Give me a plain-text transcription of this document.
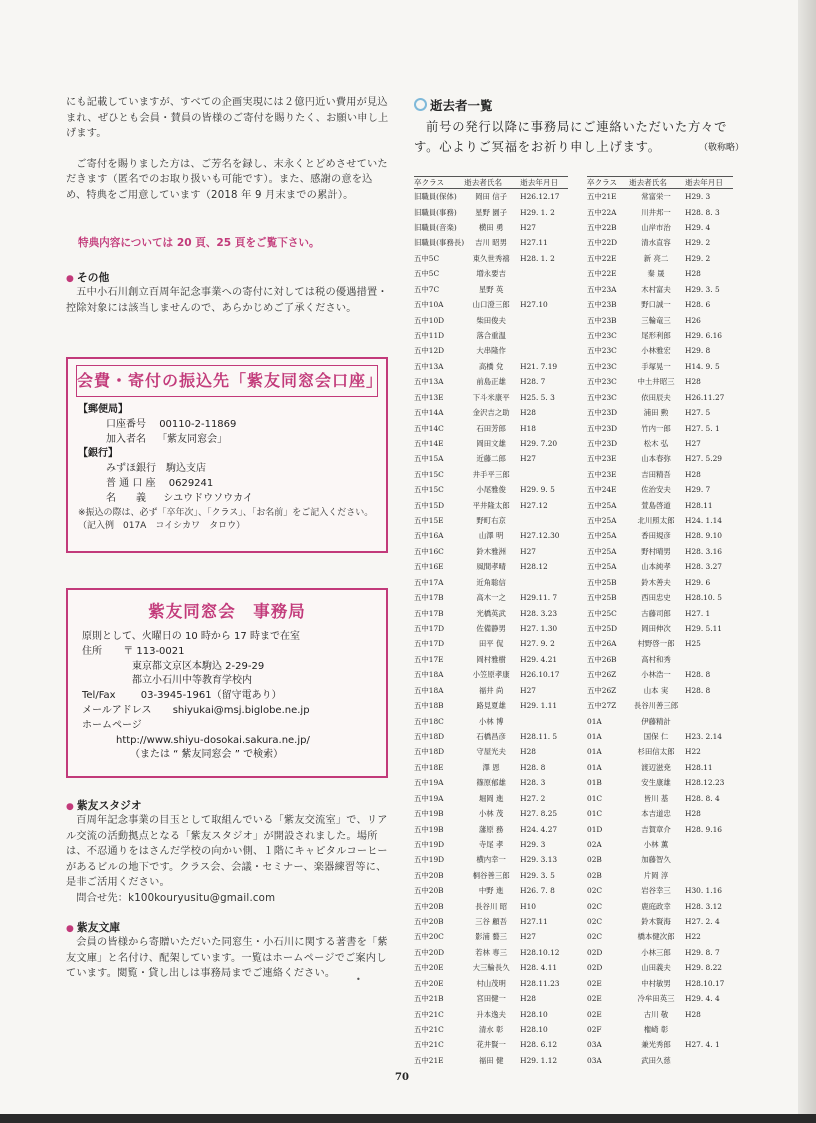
にも記載していますが、すべての企画実現には２億円近い費用が見込まれ、ぜひとも会員・賛員の皆様のご寄付を賜りたく、お願い申し上げます。

ご寄付を賜りました方は、ご芳名を録し、末永くとどめさせていただきます（匿名でのお取り扱いも可能です）。また、感謝の意を込め、特典をご用意しています（2018 年 9 月末までの累計）。

特典内容については 20 頁、25 頁をご覧下さい。
● その他

五中小石川創立百周年記念事業への寄付に対しては税の優遇措置・控除対象には該当しませんので、あらかじめご了承ください。

会費・寄付の振込先「紫友同窓会口座」
【郵便局】
口座番号 00110-2-11869
加入者名 「紫友同窓会」
【銀行】
みずほ銀行　駒込支店
普 通 口 座 0629241
名　　義 シユウドウソウカイ
※振込の際は、必ず「卒年次」、「クラス」、「お名前」をご記入ください。
（記入例　017A　コイシカワ　タロウ）
紫友同窓会　事務局
原則として、火曜日の 10 時から 17 時まで在室
住所 〒 113-0021
東京都文京区本駒込 2-29-29
都立小石川中等教育学校内
Tel/Fax	03-3945-1961（留守電あり）
メールアドレス shiyukai@msj.biglobe.ne.jp
ホームページ
http://www.shiyu-dosokai.sakura.ne.jp/
（または “ 紫友同窓会 ” で検索）
● 紫友スタジオ

百周年記念事業の目玉として取組んでいる「紫友交流室」で、リアル交流の活動拠点となる「紫友スタジオ」が開設されました。場所は、不忍通りをはさんだ学校の向かい側、１階にキャピタルコーヒーがあるビルの地下です。クラス会、会議・セミナー、楽器練習等に、是非ご活用ください。

問合せ先：k100kouryusitu@gmail.com

● 紫友文庫

会員の皆様から寄贈いただいた同窓生・小石川に関する著書を「紫友文庫」と名付け、配架しています。一覧はホームページでご案内しています。閲覧・貸し出しは事務局までご連絡ください。

•
逝去者一覧
前号の発行以降に事務局にご連絡いただいた方々です。心よりご冥福をお祈り申し上げます。	（敬称略）
卒クラス	逝去者氏名	逝去年月日
旧職員(保体)	岡田 信子	H26.12.17
旧職員(事務)	星野 園子	H29. 1. 2
旧職員(音楽)	横田 勇	H27
旧職員(事務長)	吉川 昭男	H27.11
五中5C	東久世秀禧	H28. 1. 2
五中5C	増永要吉	
五中7C	星野 英	
五中10A	山口澄三郎	H27.10
五中10D	柴田俊夫	
五中11D	落合重温	
五中12D	大串隆作	
五中13A	高橋 兌	H21. 7.19
五中13A	前島正雄	H28. 7
五中13E	下斗米康平	H25. 5. 3
五中14A	金沢吉之助	H28
五中14C	石田芳郎	H18
五中14E	岡田文雄	H29. 7.20
五中15A	近藤二郎	H27
五中15C	井手平三郎	
五中15C	小尾雅俊	H29. 9. 5
五中15D	平井隆太郎	H27.12
五中15E	野町右京	
五中16A	山澤 明	H27.12.30
五中16C	鈴木雅洲	H27
五中16E	風間孝晴	H28.12
五中17A	近角聡信	
五中17B	高木一之	H29.11. 7
五中17B	光橋英武	H28. 3.23
五中17D	佐備静男	H27. 1.30
五中17D	田平 侃	H27. 9. 2
五中17E	岡村雅樹	H29. 4.21
五中18A	小笠原孝康	H26.10.17
五中18A	福井 尚	H27
五中18B	路見夏雄	H29. 1.11
五中18C	小林 博	
五中18D	石橋昌彦	H28.11. 5
五中18D	守屋光夫	H28
五中18E	澤 恩	H28. 8
五中19A	篠原郁雄	H28. 3
五中19A	堀岡 進	H27. 2
五中19B	小林 茂	H27. 8.25
五中19B	藩原 務	H24. 4.27
五中19D	寺尾 孝	H29. 3
五中19D	横内幸一	H29. 3.13
五中20B	桐谷善三郎	H29. 3. 5
五中20B	中野 進	H26. 7. 8
五中20B	長谷川 昭	H10
五中20B	三谷 顧吾	H27.11
五中20C	影浦 藝三	H27
五中20D	若林 専三	H28.10.12
五中20E	大三輪長久	H28. 4.11
五中20E	村山茂明	H28.11.23
五中21B	宮田健一	H28
五中21C	升本逸夫	H28.10
五中21C	清水 彰	H28.10
五中21C	花井賢一	H28. 6.12
五中21E	福田 健	H29. 1.12
卒クラス	逝去者氏名	逝去年月日
五中21E	常富栄一	H29. 3
五中22A	川井邦一	H28. 8. 3
五中22B	山岸市治	H29. 4
五中22D	清水直容	H29. 2
五中22E	新 亮二	H29. 2
五中22E	秦 晟	H28
五中23A	木村富夫	H29. 3. 5
五中23B	野口誠一	H28. 6
五中23B	三輪竜三	H26
五中23C	尾形利郎	H29. 6.16
五中23C	小林雅宏	H29. 8
五中23C	手塚晃一	H14. 9. 5
五中23C	中土井昭三	H28
五中23C	依田辰夫	H26.11.27
五中23D	浦田 勲	H27. 5
五中23D	竹内一郎	H27. 5. 1
五中23D	松木 弘	H27
五中23E	山本春弥	H27. 5.29
五中23E	吉田精吾	H28
五中24E	佐治安夫	H29. 7
五中25A	萱島啓道	H28.11
五中25A	北川照太郎	H24. 1.14
五中25A	香田規彦	H28. 9.10
五中25A	野村晴男	H28. 3.16
五中25A	山本純孝	H28. 3.27
五中25B	鈴木善夫	H29. 6
五中25B	西田忠史	H28.10. 5
五中25C	古藤司郎	H27. 1
五中25D	岡田伸次	H29. 5.11
五中26A	村野啓一郎	H25
五中26B	高村和秀	
五中26Z	小林浩一	H28. 8
五中26Z	山本 実	H28. 8
五中27Z	長谷川善三郎	
01A	伊藤精計	
01A	国保 仁	H23. 2.14
01A	杉田信太郎	H22
01A	渡辺滋尭	H28.11
01B	安生康雄	H28.12.23
01C	皆川 基	H28. 8. 4
01C	本吉道忠	H28
01D	吉賀章介	H28. 9.16
02A	小林 薫	
02B	加藤智久	
02B	片岡 淳	
02C	岩谷幸三	H30. 1.16
02C	鹿庭政幸	H28. 3.12
02C	鈴木賢海	H27. 2. 4
02C	橋本健次郎	H22
02D	小林三郎	H29. 8. 7
02D	山田義夫	H29. 8.22
02E	中村敏男	H28.10.17
02E	冷牟田英三	H29. 4. 4
02E	古川 敬	H28
02F	権崎 彰	
03A	兼光秀郎	H27. 4. 1
03A	武田久慈	
70
